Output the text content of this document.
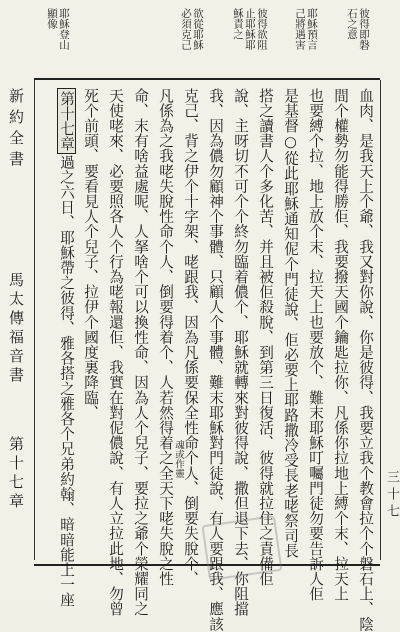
彼得即磐
石之意
耶穌預言
己將遇害
彼得欲阻
止耶穌耶
穌責之
欲從耶穌
必須克己
耶穌登山
顯像
血肉、是我天上个爺、我又對你說、你是彼得、我要立我个教會拉个个磐石上、陰
間个權勢勿能得勝佢、我要撥天國个鑰匙拉你、凡係你拉地上縛个末、拉天上
也要縛个拉、地上放个末、拉天上也要放个、難末耶穌叮囑門徒勿要告訴人佢
是基督○從此耶穌通知伲个門徒說、佢必要上耶路撒冷受長老咾祭司長
搭之讀書人个多化苦、并且被佢殺脫、到第三日復活、彼得就拉住之責備佢
說、主呀切不可个个終勿臨着儂个、耶穌就轉來對彼得說、撒但退下去、你阻擋
我、因為儂勿顧神个事體、只顧人个事體、難末耶穌對門徒說、有人要跟我、應該
克己、背之伊个十字架、咾跟我、因為凡係要保全性命个人、倒要失脫个、
凡係為之我咾失脫性命个人、倒要得着个、人若然得着之全天下咾失脫之性
命、末有啥益處呢、人拏啥个可以換性命、因為人个兒子、要拉之爺个榮耀同之
天使咾來、必要照各人个行為咾報還佢、我實在對伲儂說、有人立拉此地、勿曾
死个前頭、要看見人个兒子、拉伊个國度裏降臨、
魂或作靈
第十七章過之六日、耶穌帶之彼得、雅各搭之雅各个兄弟約翰、暗暗能上一座
新約全書
馬太傳福音書
第十七章	三十七
